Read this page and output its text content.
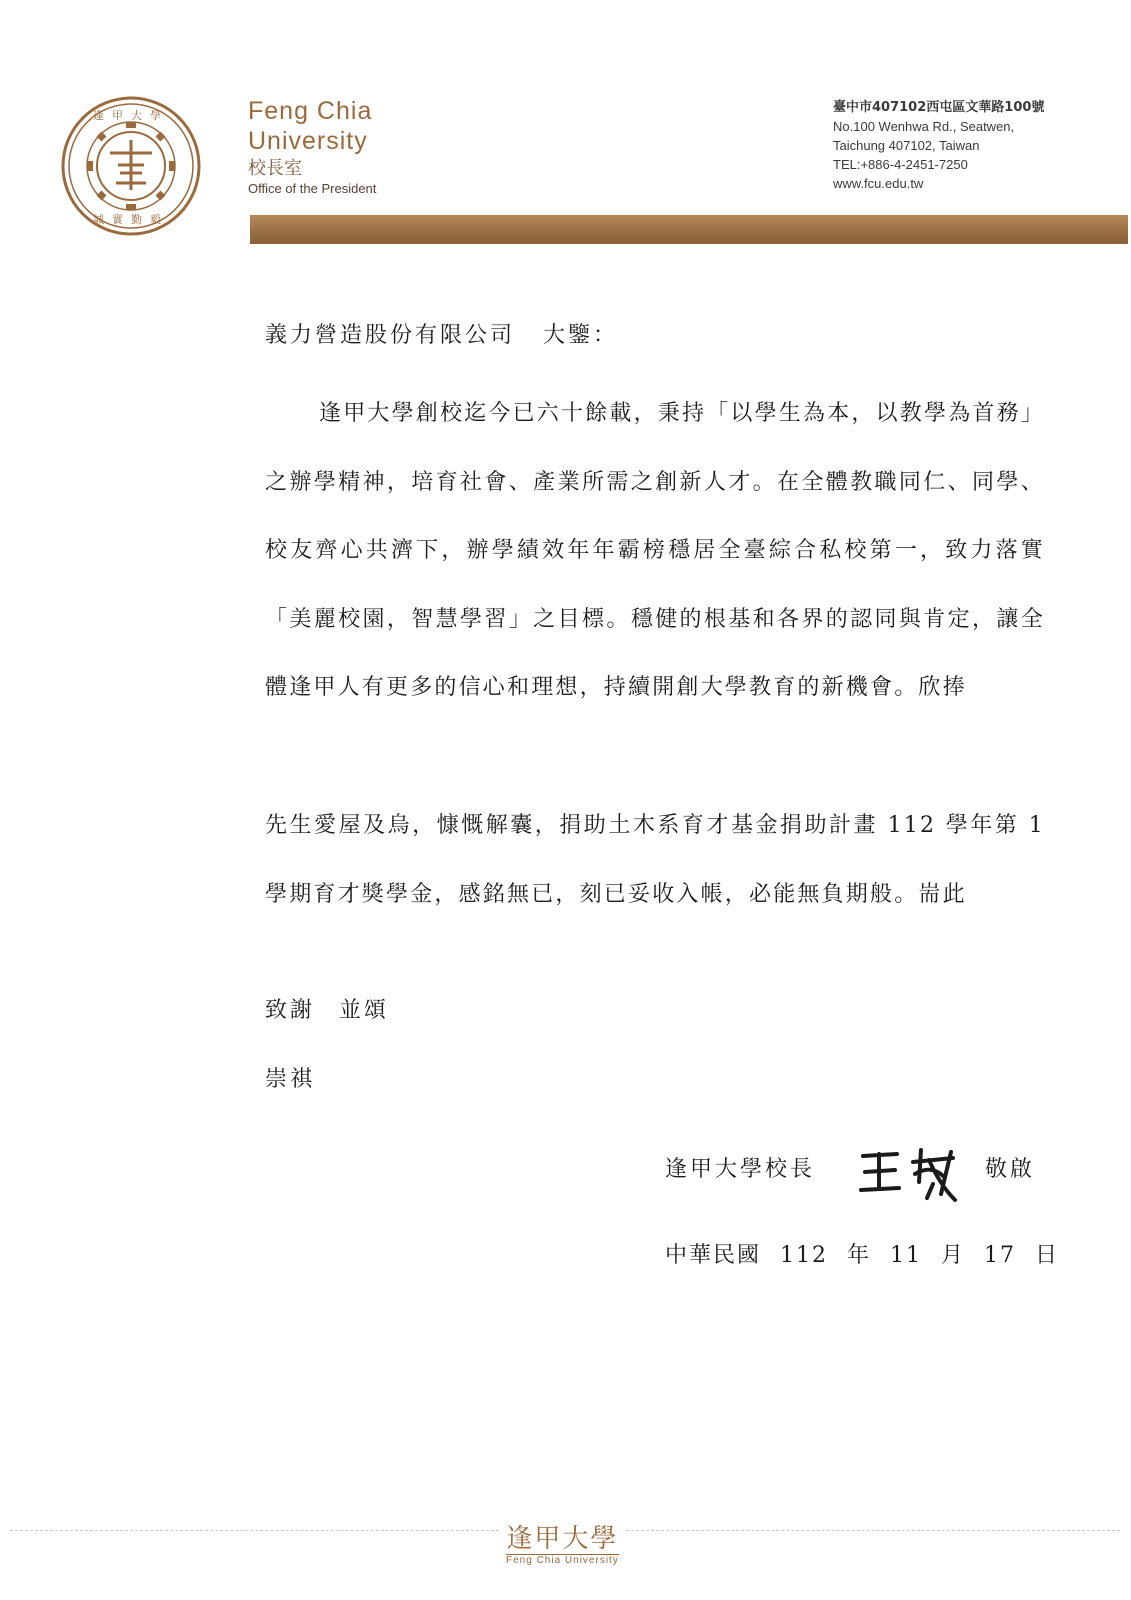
逢甲大學
誠實勤毅
Feng Chia
University
校長室
Office of the President
臺中市407102西屯區文華路100號
No.100 Wenhwa Rd., Seatwen,
Taichung 407102, Taiwan
TEL:+886-4-2451-7250
www.fcu.edu.tw
義力營造股份有限公司 大鑒：

逢甲大學創校迄今已六十餘載，秉持「以學生為本，以教學為首務」之辦學精神，培育社會、產業所需之創新人才。在全體教職同仁、同學、校友齊心共濟下，辦學績效年年霸榜穩居全臺綜合私校第一，致力落實「美麗校園，智慧學習」之目標。穩健的根基和各界的認同與肯定，讓全體逢甲人有更多的信心和理想，持續開創大學教育的新機會。欣捧

先生愛屋及烏，慷慨解囊，捐助土木系育才基金捐助計畫 112 學年第 1 學期育才獎學金，感銘無已，刻已妥收入帳，必能無負期般。耑此

致謝 並頌
崇祺
逢甲大學校長	敬啟
中華民國 112 年 11 月 17 日
逢甲大學
Feng Chia University
